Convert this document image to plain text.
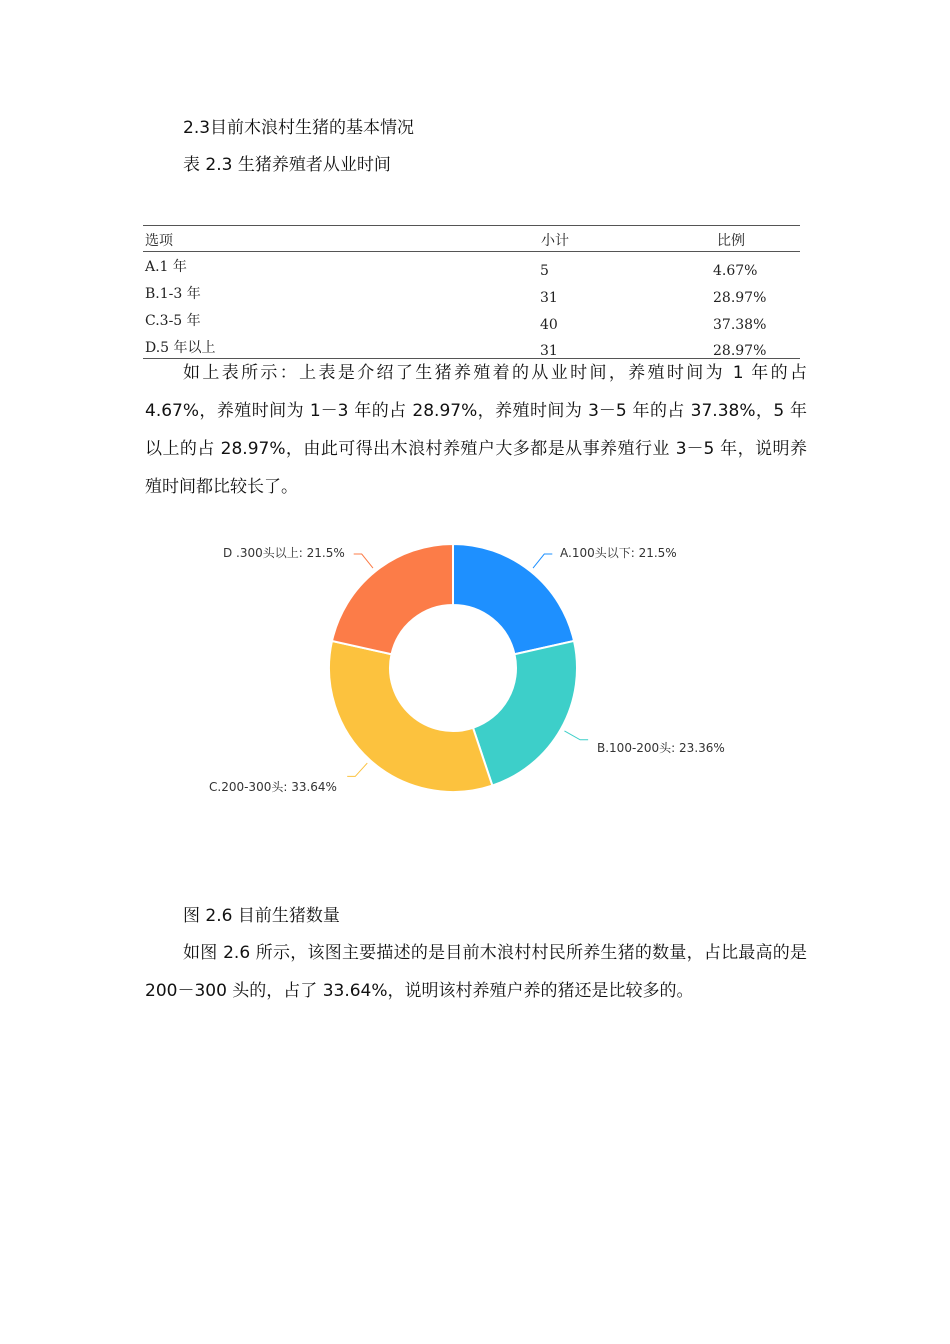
2.3目前木浪村生猪的基本情况
表 2.3 生猪养殖者从业时间
选项	小计	比例
A.1 年	5	4.67%
B.1-3 年	31	28.97%
C.3-5 年	40	37.38%
D.5 年以上	31	28.97%

如上表所示：上表是介绍了生猪养殖着的从业时间，养殖时间为 1 年的占 4.67%，养殖时间为 1－3 年的占 28.97%，养殖时间为 3－5 年的占 37.38%，5 年以上的占 28.97%，由此可得出木浪村养殖户大多都是从事养殖行业 3－5 年，说明养殖时间都比较长了。

A.100头以下: 21.5%
B.100-200头: 23.36%
C.200-300头: 33.64%
D .300头以上: 21.5%
图 2.6 目前生猪数量

如图 2.6 所示，该图主要描述的是目前木浪村村民所养生猪的数量，占比最高的是 200－300 头的，占了 33.64%，说明该村养殖户养的猪还是比较多的。
